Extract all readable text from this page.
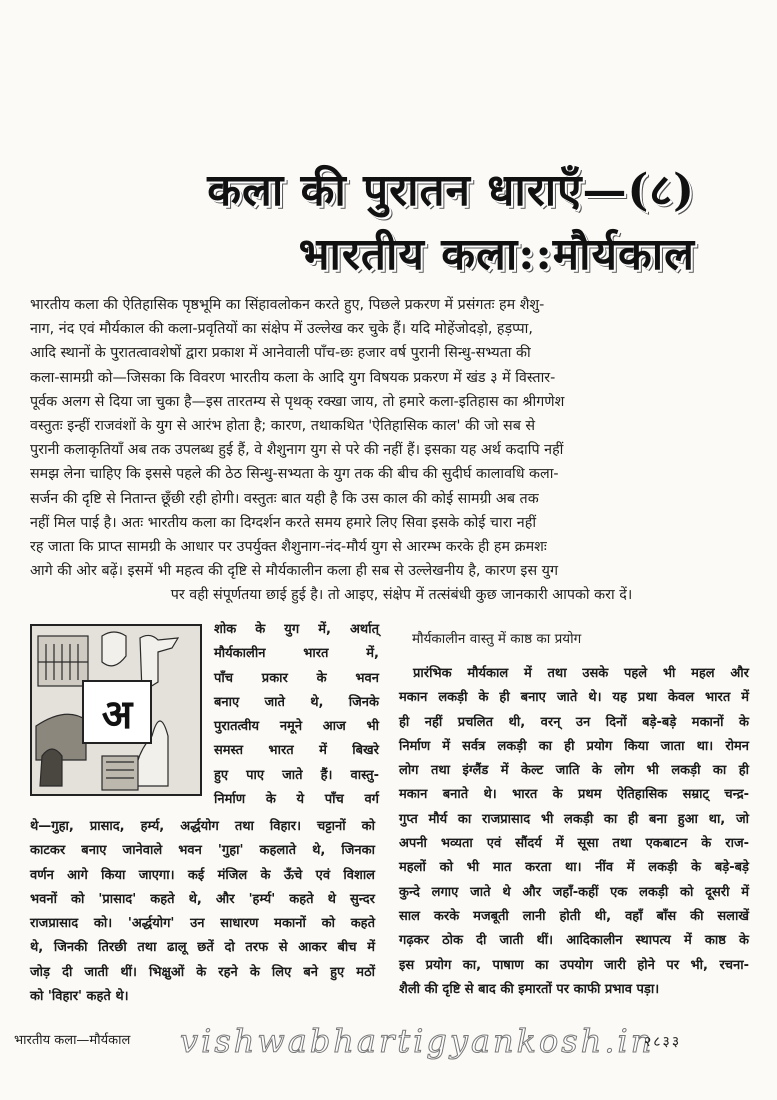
कला की पुरातन धाराएँ—(८)
भारतीय कला::मौर्यकाल

भारतीय कला की ऐतिहासिक पृष्ठभूमि का सिंहावलोकन करते हुए, पिछले प्रकरण में प्रसंगतः हम शैशु-

नाग, नंद एवं मौर्यकाल की कला-प्रवृतियों का संक्षेप में उल्लेख कर चुके हैं। यदि मोहेंजोदड़ो, हड़प्पा,

आदि स्थानों के पुरातत्वावशेषों द्वारा प्रकाश में आनेवाली पाँच-छः हजार वर्ष पुरानी सिन्धु-सभ्यता की

कला-सामग्री को—जिसका कि विवरण भारतीय कला के आदि युग विषयक प्रकरण में खंड ३ में विस्तार-

पूर्वक अलग से दिया जा चुका है—इस तारतम्य से पृथक् रक्खा जाय, तो हमारे कला-इतिहास का श्रीगणेश

वस्तुतः इन्हीं राजवंशों के युग से आरंभ होता है; कारण, तथाकथित 'ऐतिहासिक काल' की जो सब से

पुरानी कलाकृतियाँ अब तक उपलब्ध हुई हैं, वे शैशुनाग युग से परे की नहीं हैं। इसका यह अर्थ कदापि नहीं

समझ लेना चाहिए कि इससे पहले की ठेठ सिन्धु-सभ्यता के युग तक की बीच की सुदीर्घ कालावधि कला-

सर्जन की दृष्टि से नितान्त छूँछी रही होगी। वस्तुतः बात यही है कि उस काल की कोई सामग्री अब तक

नहीं मिल पाई है। अतः भारतीय कला का दिग्दर्शन करते समय हमारे लिए सिवा इसके कोई चारा नहीं

रह जाता कि प्राप्त सामग्री के आधार पर उपर्युक्त शैशुनाग-नंद-मौर्य युग से आरम्भ करके ही हम क्रमशः

आगे की ओर बढ़ें। इसमें भी महत्व की दृष्टि से मौर्यकालीन कला ही सब से उल्लेखनीय है, कारण इस युग

पर वही संपूर्णतया छाई हुई है। तो आइए, संक्षेप में तत्संबंधी कुछ जानकारी आपको करा दें।

अ
शोक के युग में, अर्थात्
मौर्यकालीन भारत में,
पाँच प्रकार के भवन
बनाए जाते थे, जिनके
पुरातत्वीय नमूने आज भी
समस्त भारत में बिखरे
हुए पाए जाते हैं। वास्तु-
निर्माण के ये पाँच वर्ग
थे—गुहा, प्रासाद, हर्म्य, अर्द्धयोग तथा विहार। चट्टानों को
काटकर बनाए जानेवाले भवन 'गुहा' कहलाते थे, जिनका
वर्णन आगे किया जाएगा। कई मंजिल के ऊँचे एवं विशाल
भवनों को 'प्रासाद' कहते थे, और 'हर्म्य' कहते थे सुन्दर
राजप्रासाद को। 'अर्द्धयोग' उन साधारण मकानों को कहते
थे, जिनकी तिरछी तथा ढालू छतें दो तरफ से आकर बीच में
जोड़ दी जाती थीं। भिक्षुओं के रहने के लिए बने हुए मठों
को 'विहार' कहते थे।
मौर्यकालीन वास्तु में काष्ठ का प्रयोग
प्रारंभिक मौर्यकाल में तथा उसके पहले भी महल और
मकान लकड़ी के ही बनाए जाते थे। यह प्रथा केवल भारत में
ही नहीं प्रचलित थी, वरन् उन दिनों बड़े-बड़े मकानों के
निर्माण में सर्वत्र लकड़ी का ही प्रयोग किया जाता था। रोमन
लोग तथा इंग्लैंड में केल्ट जाति के लोग भी लकड़ी का ही
मकान बनाते थे। भारत के प्रथम ऐतिहासिक सम्राट् चन्द्र-
गुप्त मौर्य का राजप्रासाद भी लकड़ी का ही बना हुआ था, जो
अपनी भव्यता एवं सौंदर्य में सूसा तथा एकबाटन के राज-
महलों को भी मात करता था। नींव में लकड़ी के बड़े-बड़े
कुन्दे लगाए जाते थे और जहाँ-कहीं एक लकड़ी को दूसरी में
साल करके मजबूती लानी होती थी, वहाँ बाँस की सलाखें
गढ़कर ठोक दी जाती थीं। आदिकालीन स्थापत्य में काष्ठ के
इस प्रयोग का, पाषाण का उपयोग जारी होने पर भी, रचना-
शैली की दृष्टि से बाद की इमारतों पर काफी प्रभाव पड़ा।
भारतीय कला—मौर्यकाल vishwabhartigyankosh.in
२८३३
